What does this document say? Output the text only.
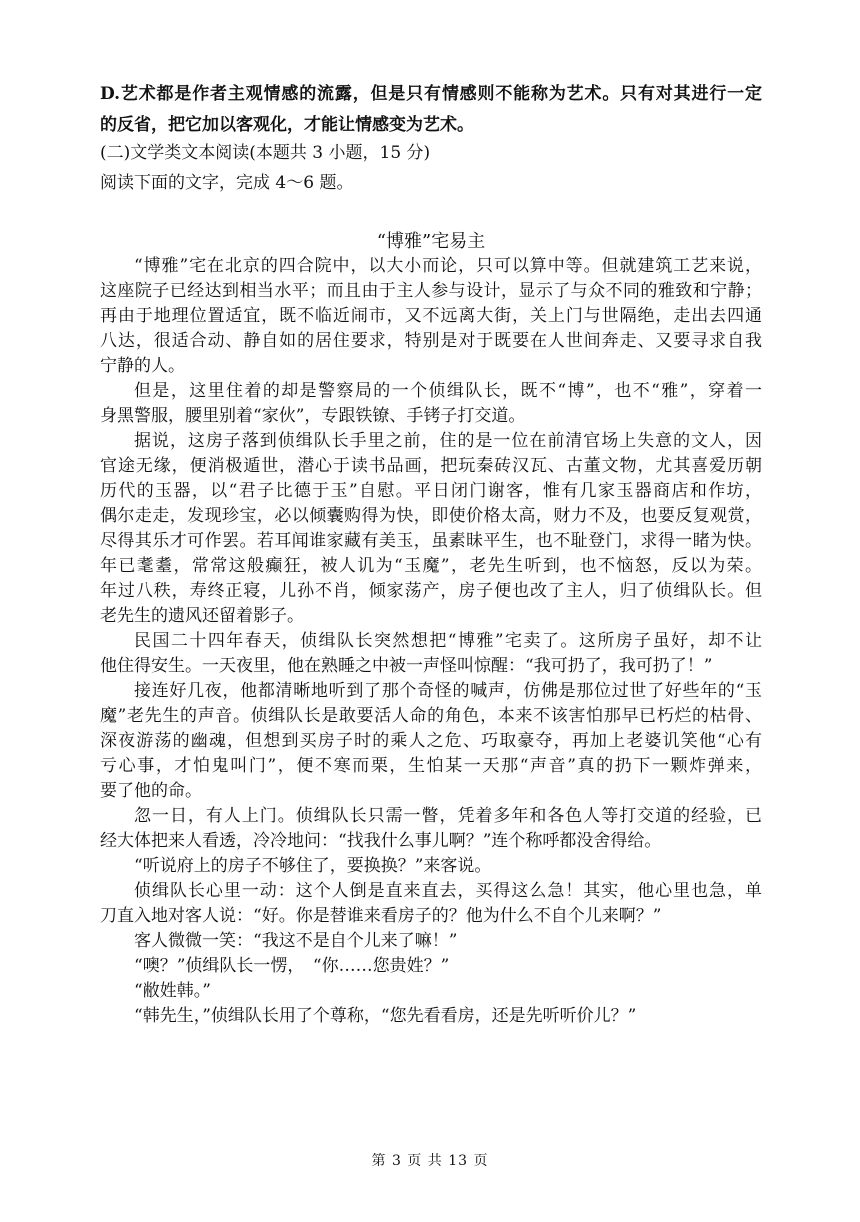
D.艺术都是作者主观情感的流露，但是只有情感则不能称为艺术。只有对其进行一定
的反省，把它加以客观化，才能让情感变为艺术。
(二)文学类文本阅读(本题共 3 小题，15 分)
阅读下面的文字，完成 4～6 题。
“博雅”宅易主
“博雅”宅在北京的四合院中，以大小而论，只可以算中等。但就建筑工艺来说，
这座院子已经达到相当水平；而且由于主人参与设计，显示了与众不同的雅致和宁静；
再由于地理位置适宜，既不临近闹市，又不远离大街，关上门与世隔绝，走出去四通
八达，很适合动、静自如的居住要求，特别是对于既要在人世间奔走、又要寻求自我
宁静的人。
但是，这里住着的却是警察局的一个侦缉队长，既不“博”，也不“雅”，穿着一
身黑警服，腰里别着“家伙”，专跟铁镣、手铐子打交道。
据说，这房子落到侦缉队长手里之前，住的是一位在前清官场上失意的文人，因
官途无缘，便消极遁世，潜心于读书品画，把玩秦砖汉瓦、古董文物，尤其喜爱历朝
历代的玉器，以“君子比德于玉”自慰。平日闭门谢客，惟有几家玉器商店和作坊，
偶尔走走，发现珍宝，必以倾囊购得为快，即使价格太高，财力不及，也要反复观赏，
尽得其乐才可作罢。若耳闻谁家藏有美玉，虽素昧平生，也不耻登门，求得一睹为快。
年已耄耋，常常这般癫狂，被人讥为“玉魔”，老先生听到，也不恼怒，反以为荣。
年过八秩，寿终正寝，儿孙不肖，倾家荡产，房子便也改了主人，归了侦缉队长。但
老先生的遗风还留着影子。
民国二十四年春天，侦缉队长突然想把“博雅”宅卖了。这所房子虽好，却不让
他住得安生。一天夜里，他在熟睡之中被一声怪叫惊醒：“我可扔了，我可扔了！”
接连好几夜，他都清晰地听到了那个奇怪的喊声，仿佛是那位过世了好些年的“玉
魔”老先生的声音。侦缉队长是敢要活人命的角色，本来不该害怕那早已朽烂的枯骨、
深夜游荡的幽魂，但想到买房子时的乘人之危、巧取豪夺，再加上老婆讥笑他“心有
亏心事，才怕鬼叫门”，便不寒而栗，生怕某一天那“声音”真的扔下一颗炸弹来，
要了他的命。
忽一日，有人上门。侦缉队长只需一瞥，凭着多年和各色人等打交道的经验，已
经大体把来人看透，冷冷地问：“找我什么事儿啊？”连个称呼都没舍得给。
“听说府上的房子不够住了，要换换？”来客说。
侦缉队长心里一动：这个人倒是直来直去，买得这么急！其实，他心里也急，单
刀直入地对客人说：“好。你是替谁来看房子的？他为什么不自个儿来啊？”
客人微微一笑：“我这不是自个儿来了嘛！”
“噢？”侦缉队长一愣，　“你……您贵姓？”
“敝姓韩。”
“韩先生，”侦缉队长用了个尊称，“您先看看房，还是先听听价儿？”
第 3 页 共 13 页
